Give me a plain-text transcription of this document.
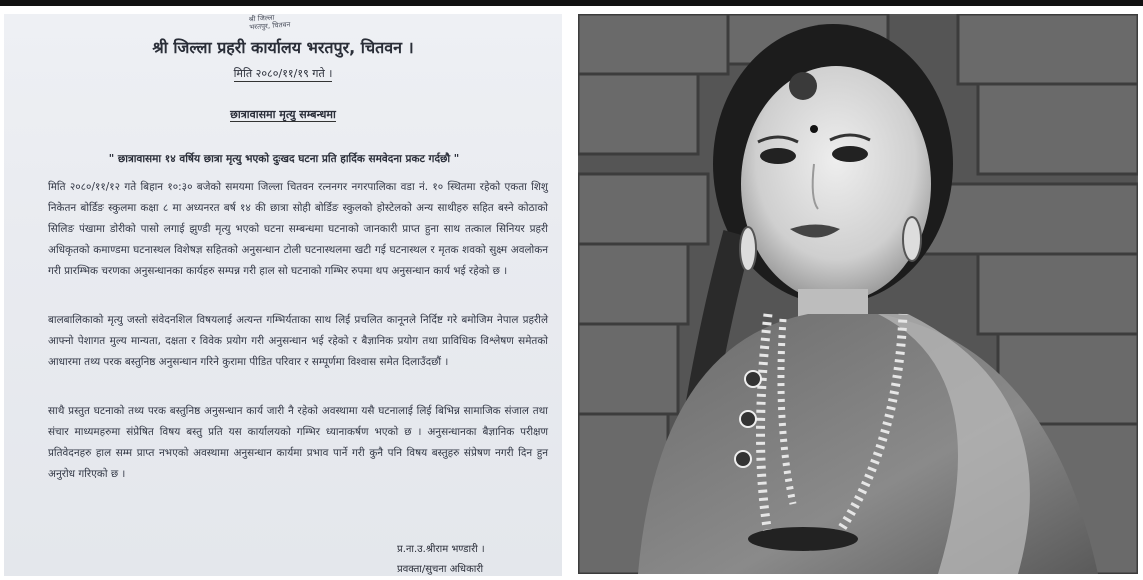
श्री जिल्ला
भरतपुर, चितवन
श्री जिल्ला प्रहरी कार्यालय भरतपुर, चितवन ।
मिति २०८०/११/१९ गते ।
छात्रावासमा मृत्यु सम्बन्धमा
" छात्रावासमा १४ वर्षिय छात्रा मृत्यु भएको दुःखद घटना प्रति हार्दिक समवेदना प्रकट गर्दछौ "
मिति २०८०/११/१२ गते बिहान १०:३० बजेको समयमा जिल्ला चितवन रत्ननगर नगरपालिका वडा नं. १० स्थितमा रहेको एकता शिशु निकेतन बोर्डिङ स्कुलमा कक्षा ८ मा अध्यनरत बर्ष १४ की छात्रा सोही बोर्डिङ स्कुलको होस्टेलको अन्य साथीहरु सहित बस्ने कोठाको सिलिङ पंखामा डोरीको पासो लगाई झुण्डी मृत्यु भएको घटना सम्बन्धमा घटनाको जानकारी प्राप्त हुना साथ तत्काल सिनियर प्रहरी अधिकृतको कमाण्डमा घटनास्थल विशेषज्ञ सहितको अनुसन्धान टोली घटनास्थलमा खटी गई घटनास्थल र मृतक शवको सुक्ष्म अवलोकन गरी प्रारम्भिक चरणका अनुसन्धानका कार्यहरु सम्पन्न गरी हाल सो घटनाको गम्भिर रुपमा थप अनुसन्धान कार्य भई रहेको छ ।
बालबालिकाको मृत्यु जस्तो संवेदनशिल विषयलाई अत्यन्त गम्भिर्यताका साथ लिई प्रचलित कानूनले निर्दिष्ट गरे बमोजिम नेपाल प्रहरीले आफ्नो पेशागत मुल्य मान्यता, दक्षता र विवेक प्रयोग गरी अनुसन्धान भई रहेको र बैज्ञानिक प्रयोग तथा प्राविधिक विश्लेषण समेतको आधारमा तथ्य परक बस्तुनिष्ठ अनुसन्धान गरिने कुरामा पीडित परिवार र सम्पूर्णमा विश्वास समेत दिलाउँदछौं ।
साथै प्रस्तुत घटनाको तथ्य परक बस्तुनिष्ठ अनुसन्धान कार्य जारी नै रहेको अवस्थामा यसै घटनालाई लिई बिभिन्न सामाजिक संजाल तथा संचार माध्यमहरुमा संप्रेषित विषय बस्तु प्रति यस कार्यालयको गम्भिर ध्यानाकर्षण भएको छ । अनुसन्धानका बैज्ञानिक परीक्षण प्रतिवेदनहरु हाल सम्म प्राप्त नभएको अवस्थामा अनुसन्धान कार्यमा प्रभाव पार्ने गरी कुनै पनि विषय बस्तुहरु संप्रेषण नगरी दिन हुन अनुरोध गरिएको छ ।
प्र.ना.उ.श्रीराम भण्डारी ।
प्रवक्ता/सुचना अधिकारी
